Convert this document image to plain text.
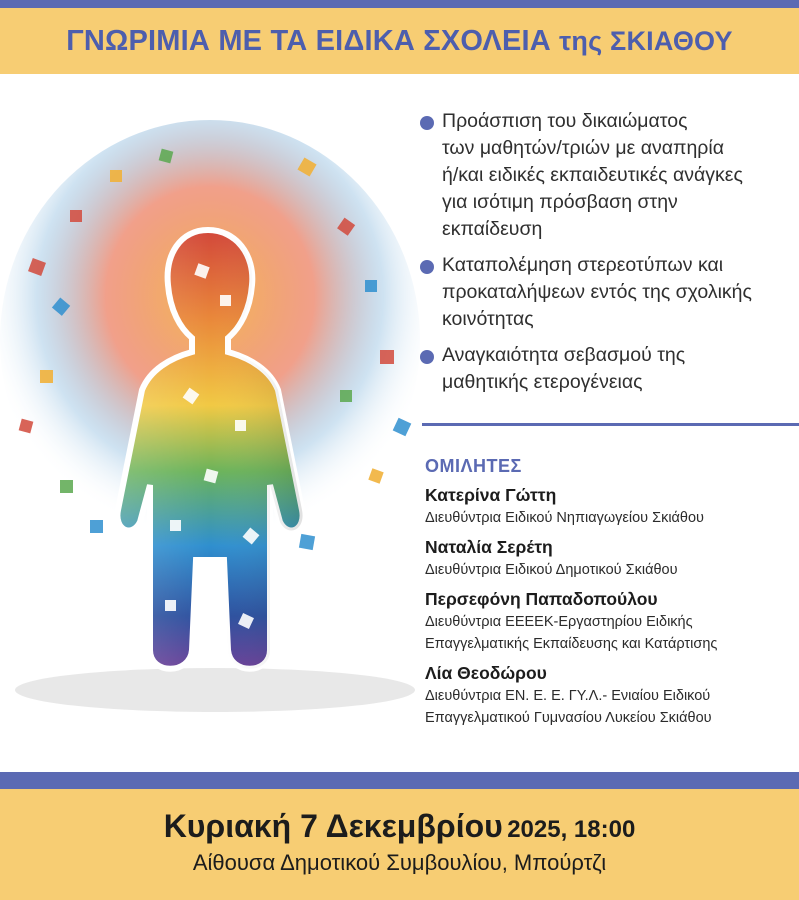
ΓΝΩΡΙΜΙΑ ΜΕ ΤΑ ΕΙΔΙΚΑ ΣΧΟΛΕΙΑ της ΣΚΙΑΘΟΥ
Προάσπιση του δικαιώματος
των μαθητών/τριών με αναπηρία
ή/και ειδικές εκπαιδευτικές ανάγκες
για ισότιμη πρόσβαση στην
εκπαίδευση
Καταπολέμηση στερεοτύπων και
προκαταλήψεων εντός της σχολικής
κοινότητας
Αναγκαιότητα σεβασμού της
μαθητικής ετερογένειας
ΟΜΙΛΗΤΕΣ
Κατερίνα Γώττη
Διευθύντρια Ειδικού Νηπιαγωγείου Σκιάθου
Ναταλία Σερέτη
Διευθύντρια Ειδικού Δημοτικού Σκιάθου
Περσεφόνη Παπαδοπούλου
Διευθύντρια ΕΕΕΕΚ-Εργαστηρίου Ειδικής
Επαγγελματικής Εκπαίδευσης και Κατάρτισης
Λία Θεοδώρου
Διευθύντρια ΕΝ. Ε. Ε. ΓΥ.Λ.- Ενιαίου Ειδικού
Επαγγελματικού Γυμνασίου Λυκείου Σκιάθου
Κυριακή 7 Δεκεμβρίου 2025, 18:00
Αίθουσα Δημοτικού Συμβουλίου, Μπούρτζι
